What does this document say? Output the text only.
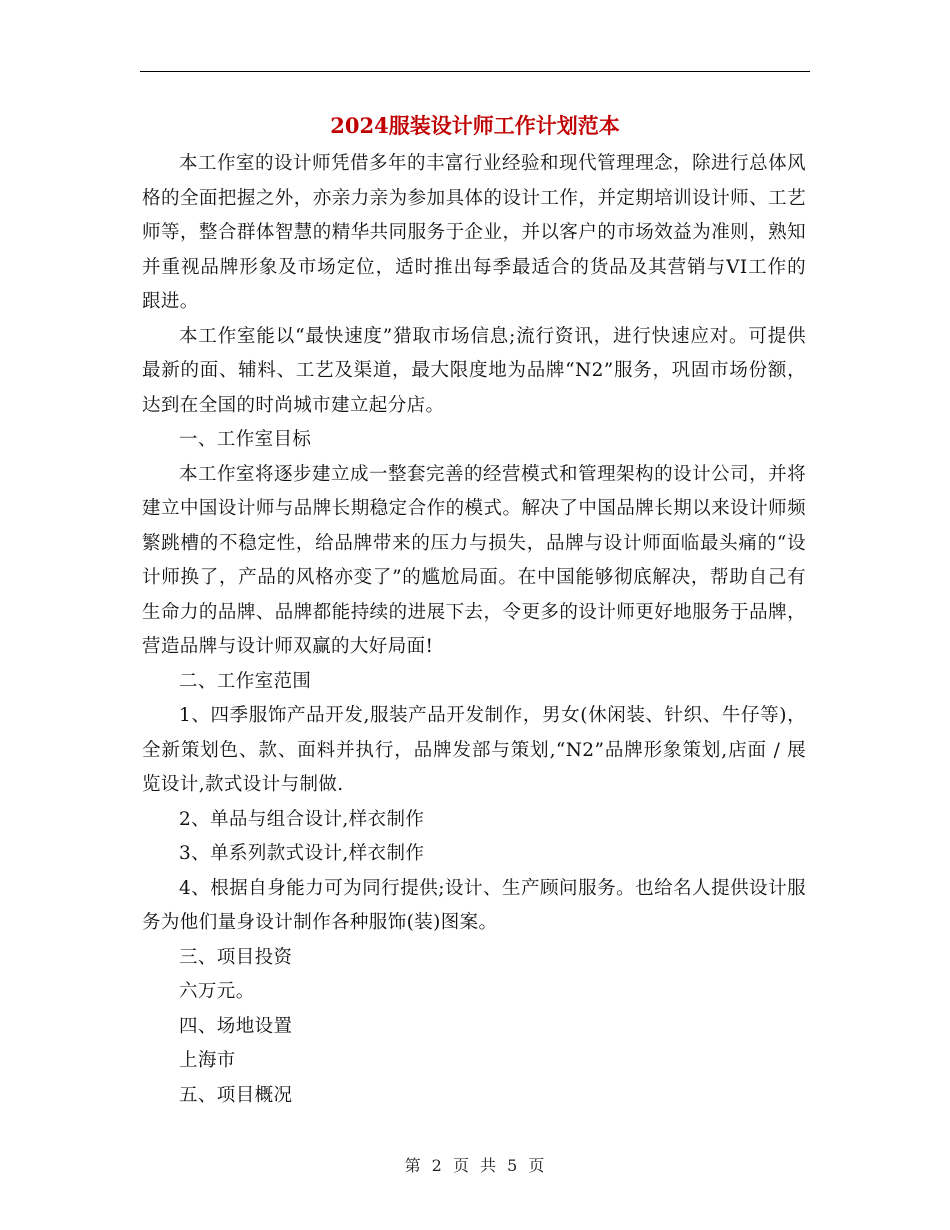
2024服装设计师工作计划范本

本工作室的设计师凭借多年的丰富行业经验和现代管理理念，除进行总体风格的全面把握之外，亦亲力亲为参加具体的设计工作，并定期培训设计师、工艺师等，整合群体智慧的精华共同服务于企业，并以客户的市场效益为准则，熟知并重视品牌形象及市场定位，适时推出每季最适合的货品及其营销与VI工作的跟进。

本工作室能以“最快速度”猎取市场信息;流行资讯，进行快速应对。可提供最新的面、辅料、工艺及渠道，最大限度地为品牌“N2”服务，巩固市场份额，达到在全国的时尚城市建立起分店。

一、工作室目标

本工作室将逐步建立成一整套完善的经营模式和管理架构的设计公司，并将建立中国设计师与品牌长期稳定合作的模式。解决了中国品牌长期以来设计师频繁跳槽的不稳定性，给品牌带来的压力与损失，品牌与设计师面临最头痛的“设计师换了，产品的风格亦变了”的尴尬局面。在中国能够彻底解决，帮助自己有生命力的品牌、品牌都能持续的进展下去，令更多的设计师更好地服务于品牌，营造品牌与设计师双赢的大好局面!

二、工作室范围

1、四季服饰产品开发,服装产品开发制作，男女(休闲装、针织、牛仔等)， 全新策划色、款、面料并执行，品牌发部与策划,“N2”品牌形象策划,店面 / 展览设计,款式设计与制做.

2、单品与组合设计,样衣制作

3、单系列款式设计,样衣制作

4、根据自身能力可为同行提供;设计、生产顾问服务。也给名人提供设计服务为他们量身设计制作各种服饰(装)图案。

三、项目投资

六万元。

四、场地设置

上海市

五、项目概况

第 2 页 共 5 页
